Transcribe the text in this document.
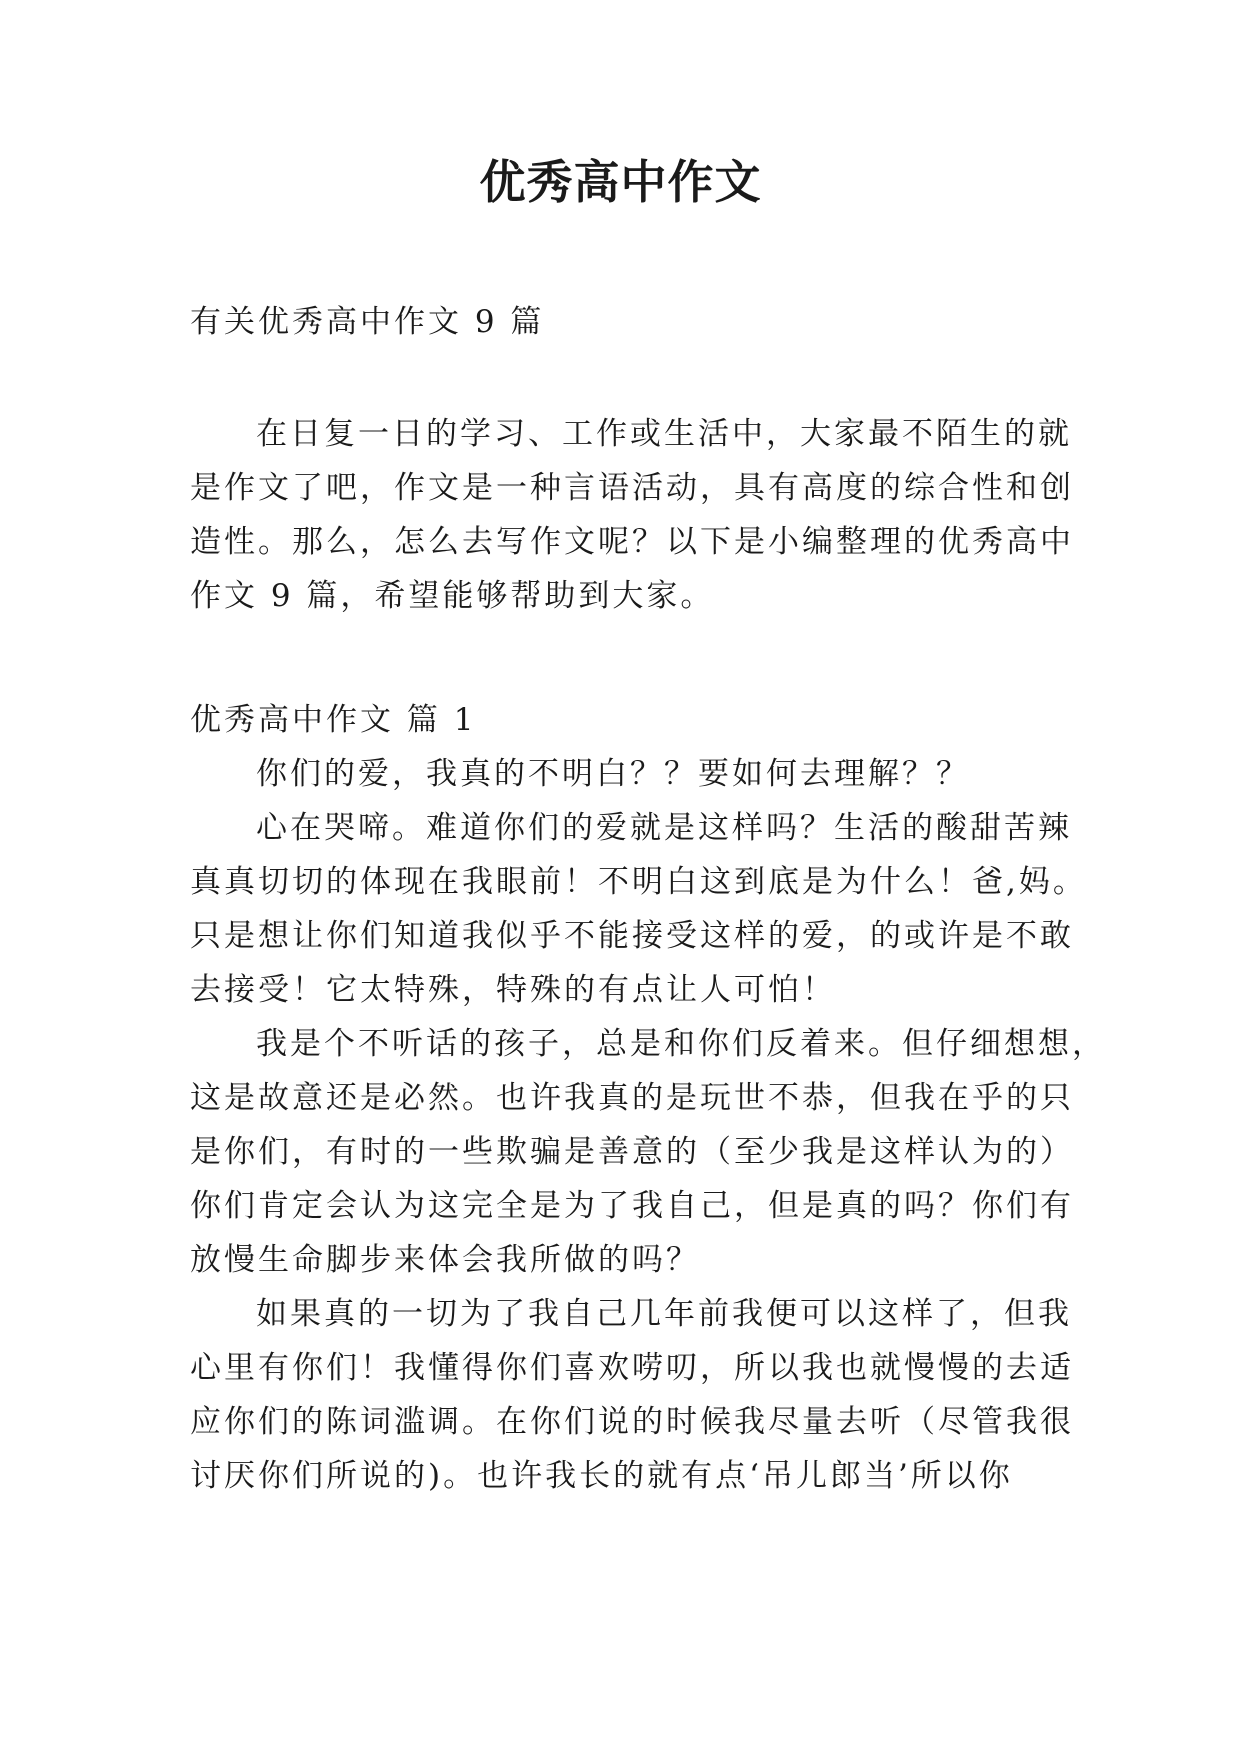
优秀高中作文

有关优秀高中作文 9 篇

在日复一日的学习、工作或生活中，大家最不陌生的就

是作文了吧，作文是一种言语活动，具有高度的综合性和创

造性。那么，怎么去写作文呢？以下是小编整理的优秀高中

作文 9 篇，希望能够帮助到大家。

优秀高中作文 篇 1

你们的爱，我真的不明白？？要如何去理解？？

心在哭啼。难道你们的爱就是这样吗？生活的酸甜苦辣

真真切切的体现在我眼前！不明白这到底是为什么！爸,妈。

只是想让你们知道我似乎不能接受这样的爱，的或许是不敢

去接受！它太特殊，特殊的有点让人可怕！

我是个不听话的孩子，总是和你们反着来。但仔细想想，

这是故意还是必然。也许我真的是玩世不恭，但我在乎的只

是你们，有时的一些欺骗是善意的（至少我是这样认为的）

你们肯定会认为这完全是为了我自己，但是真的吗？你们有

放慢生命脚步来体会我所做的吗？

如果真的一切为了我自己几年前我便可以这样了，但我

心里有你们！我懂得你们喜欢唠叨，所以我也就慢慢的去适

应你们的陈词滥调。在你们说的时候我尽量去听（尽管我很

讨厌你们所说的)。也许我长的就有点‘吊儿郎当’所以你
